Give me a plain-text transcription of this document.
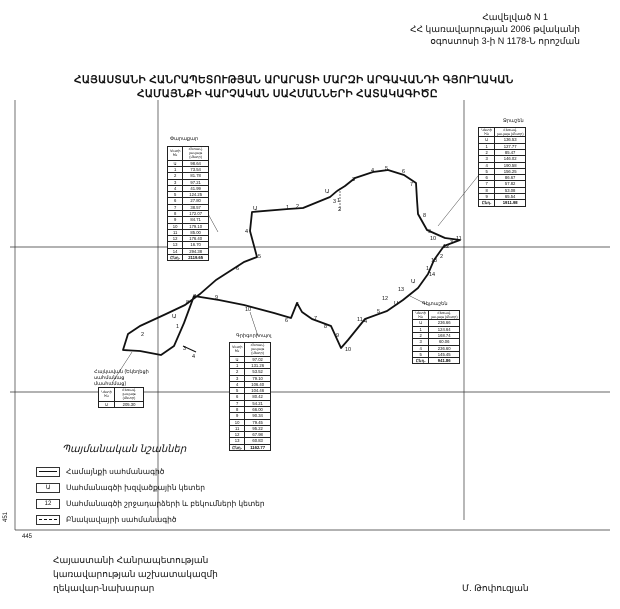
Ա
1
2
3
4 5	6
7
8
9
10	11
12
13
14
Ա	1 2
3
4
5
6
7
8
9
10
Ա
1
2
3
4
5
6	7
8
9
10
11
12
13
Ա
1
2
3
4
5
Ա
Հավելված N 1
ՀՀ կառավարության 2006 թվականի
օգոստոսի 3-ի N 1178-Ն որոշման
ՀԱՅԱՍՏԱՆԻ ՀԱՆՐԱՊԵՏՈՒԹՅԱՆ ԱՐԱՐԱՏԻ ՄԱՐԶԻ ԱՐԳԱՎԱՆԴԻ ԳՅՈՒՂԱԿԱՆ
ՀԱՄԱՅՆՔԻ ՎԱՐՉԱԿԱՆ ՍԱՀՄԱՆՆԵՐԻ ՀԱՏԱԿԱԳԻԾԸ
Փարաքար
Ջրաշեն
Գրիգորիոպոլ
Գետաշեն
Հայկավան (Եկեղեցի սահմանաց մասհամաց)
Կետի հն	Հեռավ. լաւլաթ (մետր)
Ա	98.64
1	73.54
2	81.78
3	97.21
4	41.99
5	124.25
6	27.80
7	38.57
8	172.07
9	84.71
10	179.10
11	85.00
12	176.40
13	16.70
14	294.38
Ընդ.	2119.65
Կետի հն	Հեռավ. լաւլաթ (մետր)
Ա	136.53
1	127.77
2	85.47
3	146.02
4	190.58
5	156.25
6	86.67
7	57.82
8	53.08
9	65.54
Ընդ.	1911.98
Կետի հն	Հեռավ. լաւլաթ (մետր)
Ա	97.02
1	131.26
2	53.52
3	79.10
4	106.40
5	104.46
6	80.42
7	54.21
8	66.00
9	90.34
10	79.45
11	95.22
12	67.98
13	60.83
Ընդ.	1162.77
Կետի հն	Հեռավ. լաւլաթ (մետր)
Ա	236.66
1	124.64
2	168.74
3	60.06
4	236.60
5	145.45
Ընդ.	941.86
Կետի հն	Հեռավ. լաւլաթ (մետր)
Ա	205.30
Պայմանական նշաններ
Համայնքի սահմանագիծ
Ա	Սահմանագծի խզվածքային կետեր
12	Սահմանագծի շրջադարձերի և բեկումների կետեր
Բնակավայրի սահմանագիծ
445
451
Հայաստանի Հանրապետության
կառավարության աշխատակազմի
ղեկավար-նախարար	Մ. Թոփուզյան
